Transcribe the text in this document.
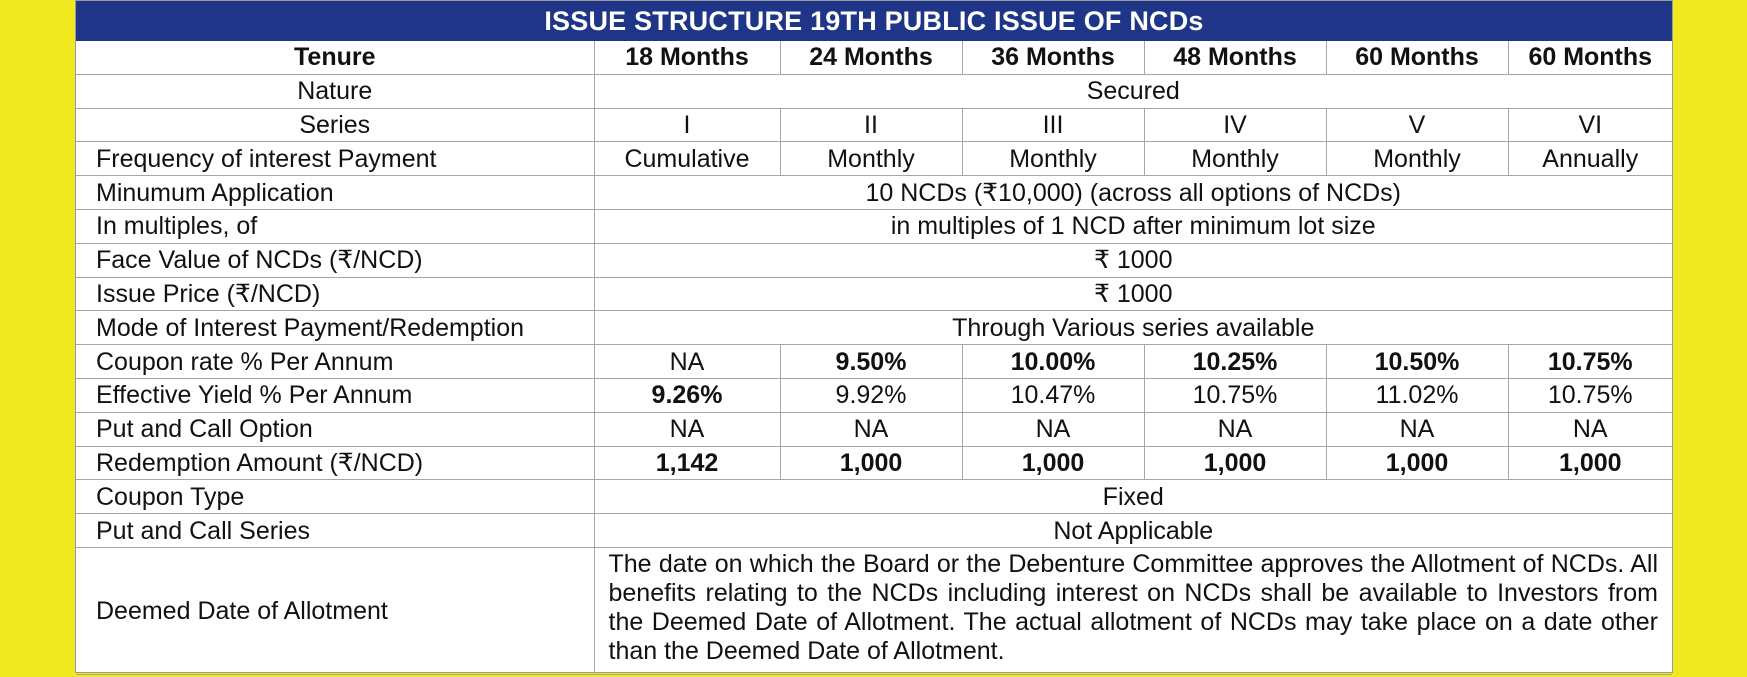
ISSUE STRUCTURE 19TH PUBLIC ISSUE OF NCDs
Tenure	18 Months	24 Months	36 Months	48 Months	60 Months	60 Months
Nature	Secured					
Series	I	II	III	IV	V	VI
Frequency of interest Payment	Cumulative	Monthly	Monthly	Monthly	Monthly	Annually
Minumum Application	10 NCDs (₹10,000) (across all options of NCDs)					
In multiples, of	in multiples of 1 NCD after minimum lot size					
Face Value of NCDs (₹/NCD)	₹ 1000					
Issue Price (₹/NCD)	₹ 1000					
Mode of Interest Payment/Redemption	Through Various series available					
Coupon rate % Per Annum	NA	9.50%	10.00%	10.25%	10.50%	10.75%
Effective Yield % Per Annum	9.26%	9.92%	10.47%	10.75%	11.02%	10.75%
Put and Call Option	NA	NA	NA	NA	NA	NA
Redemption Amount (₹/NCD)	1,142	1,000	1,000	1,000	1,000	1,000
Coupon Type	Fixed					
Put and Call Series	Not Applicable					
Deemed Date of Allotment	The date on which the Board or the Debenture Committee approves the Allotment of NCDs. All benefits relating to the NCDs including interest on NCDs shall be available to Investors from the Deemed Date of Allotment. The actual allotment of NCDs may take place on a date other than the Deemed Date of Allotment.					
